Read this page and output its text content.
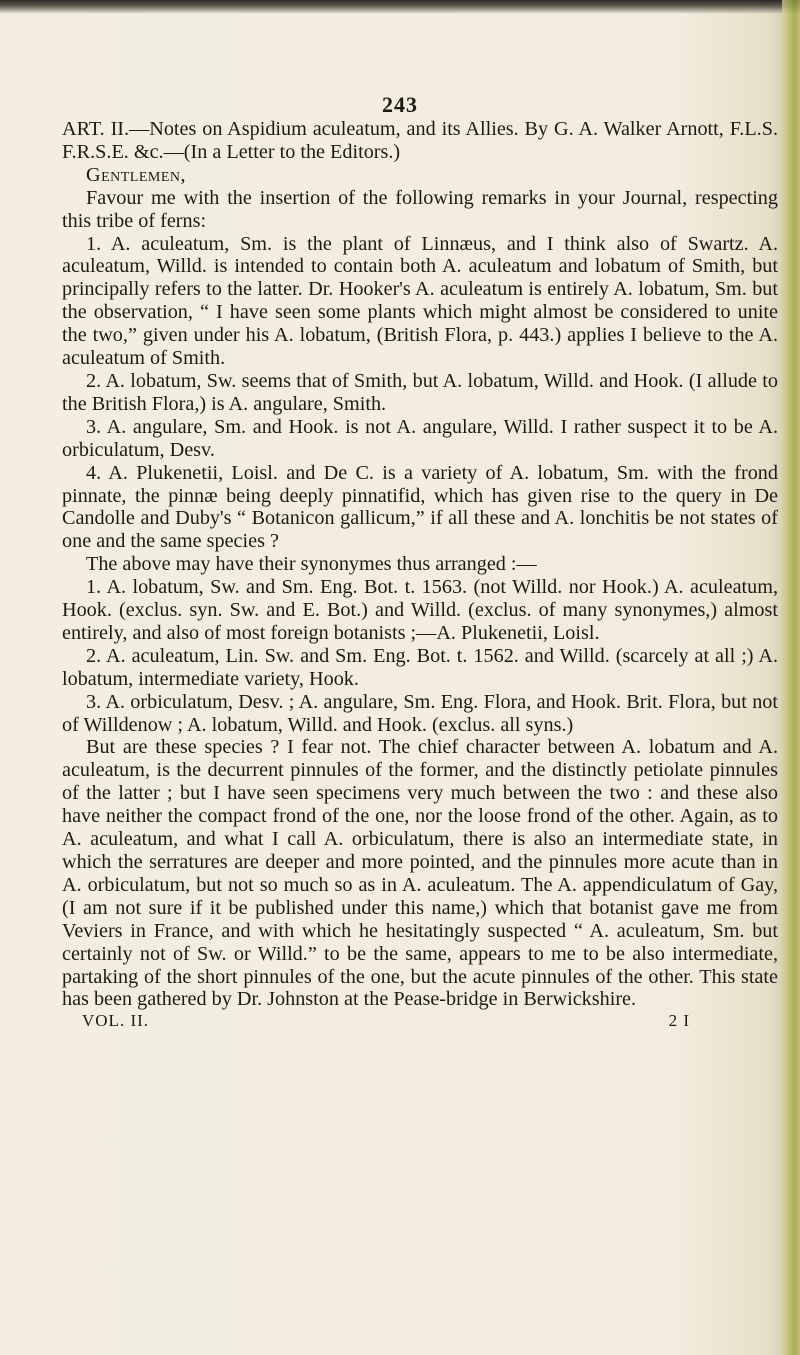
243

ART. II.—Notes on Aspidium aculeatum, and its Allies. By G. A. Walker Arnott, F.L.S. F.R.S.E. &c.—(In a Letter to the Editors.)

Gentlemen,

Favour me with the insertion of the following remarks in your Journal, respecting this tribe of ferns:

1. A. aculeatum, Sm. is the plant of Linnæus, and I think also of Swartz. A. aculeatum, Willd. is intended to contain both A. aculeatum and lobatum of Smith, but principally refers to the latter. Dr. Hooker's A. aculeatum is entirely A. lobatum, Sm. but the observation, “ I have seen some plants which might almost be considered to unite the two,” given under his A. lobatum, (British Flora, p. 443.) applies I believe to the A. aculeatum of Smith.

2. A. lobatum, Sw. seems that of Smith, but A. lobatum, Willd. and Hook. (I allude to the British Flora,) is A. angulare, Smith.

3. A. angulare, Sm. and Hook. is not A. angulare, Willd. I rather suspect it to be A. orbiculatum, Desv.

4. A. Plukenetii, Loisl. and De C. is a variety of A. lobatum, Sm. with the frond pinnate, the pinnæ being deeply pinnatifid, which has given rise to the query in De Candolle and Duby's “ Botanicon gallicum,” if all these and A. lonchitis be not states of one and the same species ?

The above may have their synonymes thus arranged :—

1. A. lobatum, Sw. and Sm. Eng. Bot. t. 1563. (not Willd. nor Hook.) A. aculeatum, Hook. (exclus. syn. Sw. and E. Bot.) and Willd. (exclus. of many synonymes,) almost entirely, and also of most foreign botanists ;—A. Plukenetii, Loisl.

2. A. aculeatum, Lin. Sw. and Sm. Eng. Bot. t. 1562. and Willd. (scarcely at all ;) A. lobatum, intermediate variety, Hook.

3. A. orbiculatum, Desv. ; A. angulare, Sm. Eng. Flora, and Hook. Brit. Flora, but not of Willdenow ; A. lobatum, Willd. and Hook. (exclus. all syns.)

But are these species ? I fear not. The chief character between A. lobatum and A. aculeatum, is the decurrent pinnules of the former, and the distinctly petiolate pinnules of the latter ; but I have seen specimens very much between the two : and these also have neither the compact frond of the one, nor the loose frond of the other. Again, as to A. aculeatum, and what I call A. orbiculatum, there is also an intermediate state, in which the serratures are deeper and more pointed, and the pinnules more acute than in A. orbiculatum, but not so much so as in A. aculeatum. The A. appendiculatum of Gay, (I am not sure if it be published under this name,) which that botanist gave me from Veviers in France, and with which he hesitatingly suspected “ A. aculeatum, Sm. but certainly not of Sw. or Willd.” to be the same, appears to me to be also intermediate, partaking of the short pinnules of the one, but the acute pinnules of the other. This state has been gathered by Dr. Johnston at the Pease-bridge in Berwickshire.

VOL. II.	2 I
